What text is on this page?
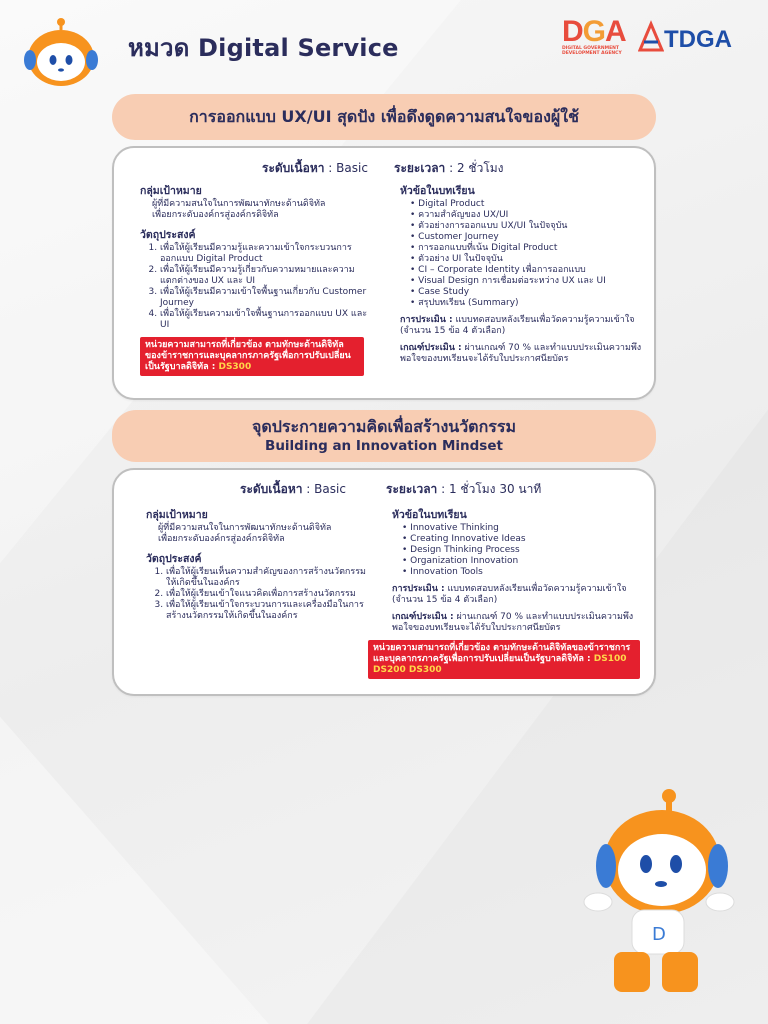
หมวด Digital Service	DGA
DIGITAL GOVERNMENT
DEVELOPMENT AGENCY
TDGA
การออกแบบ UX/UI สุดปัง เพื่อดึงดูดความสนใจของผู้ใช้
ระดับเนื้อหา : Basic ระยะเวลา : 2 ชั่วโมง
กลุ่มเป้าหมาย
ผู้ที่มีความสนใจในการพัฒนาทักษะด้านดิจิทัล
เพื่อยกระดับองค์กรสู่องค์กรดิจิทัล
วัตถุประสงค์
1. เพื่อให้ผู้เรียนมีความรู้และความเข้าใจกระบวนการออกแบบ Digital Product
2. เพื่อให้ผู้เรียนมีความรู้เกี่ยวกับความหมายและความแตกต่างของ UX และ UI
3. เพื่อให้ผู้เรียนมีความเข้าใจพื้นฐานเกี่ยวกับ Customer Journey
4. เพื่อให้ผู้เรียนความเข้าใจพื้นฐานการออกแบบ UX และ UI
หน่วยความสามารถที่เกี่ยวข้อง ตามทักษะด้านดิจิทัลของข้าราชการและบุคลากรภาครัฐเพื่อการปรับเปลี่ยนเป็นรัฐบาลดิจิทัล : DS300
หัวข้อในบทเรียน
• Digital Product
• ความสำคัญของ UX/UI
• ตัวอย่างการออกแบบ UX/UI ในปัจจุบัน
• Customer Journey
• การออกแบบที่เน้น Digital Product
• ตัวอย่าง UI ในปัจจุบัน
• CI – Corporate Identity เพื่อการออกแบบ
• Visual Design การเชื่อมต่อระหว่าง UX และ UI
• Case Study
• สรุปบทเรียน (Summary)
การประเมิน : แบบทดสอบหลังเรียนเพื่อวัดความรู้ความเข้าใจ (จำนวน 15 ข้อ 4 ตัวเลือก)
เกณฑ์ประเมิน : ผ่านเกณฑ์ 70 % และทำแบบประเมินความพึงพอใจของบทเรียนจะได้รับใบประกาศนียบัตร
จุดประกายความคิดเพื่อสร้างนวัตกรรม
Building an Innovation Mindset
ระดับเนื้อหา : Basic	ระยะเวลา : 1 ชั่วโมง 30 นาที
กลุ่มเป้าหมาย
ผู้ที่มีความสนใจในการพัฒนาทักษะด้านดิจิทัล
เพื่อยกระดับองค์กรสู่องค์กรดิจิทัล
วัตถุประสงค์
1. เพื่อให้ผู้เรียนเห็นความสำคัญของการสร้างนวัตกรรมให้เกิดขึ้นในองค์กร
2. เพื่อให้ผู้เรียนเข้าใจแนวคิดเพื่อการสร้างนวัตกรรม
3. เพื่อให้ผู้เรียนเข้าใจกระบวนการและเครื่องมือในการสร้างนวัตกรรมให้เกิดขึ้นในองค์กร
หัวข้อในบทเรียน
• Innovative Thinking
• Creating Innovative Ideas
• Design Thinking Process
• Organization Innovation
• Innovation Tools
การประเมิน : แบบทดสอบหลังเรียนเพื่อวัดความรู้ความเข้าใจ (จำนวน 15 ข้อ 4 ตัวเลือก)
เกณฑ์ประเมิน : ผ่านเกณฑ์ 70 % และทำแบบประเมินความพึงพอใจของบทเรียนจะได้รับใบประกาศนียบัตร
หน่วยความสามารถที่เกี่ยวข้อง ตามทักษะด้านดิจิทัลของข้าราชการและบุคลากรภาครัฐเพื่อการปรับเปลี่ยนเป็นรัฐบาลดิจิทัล : DS100 DS200 DS300
D
